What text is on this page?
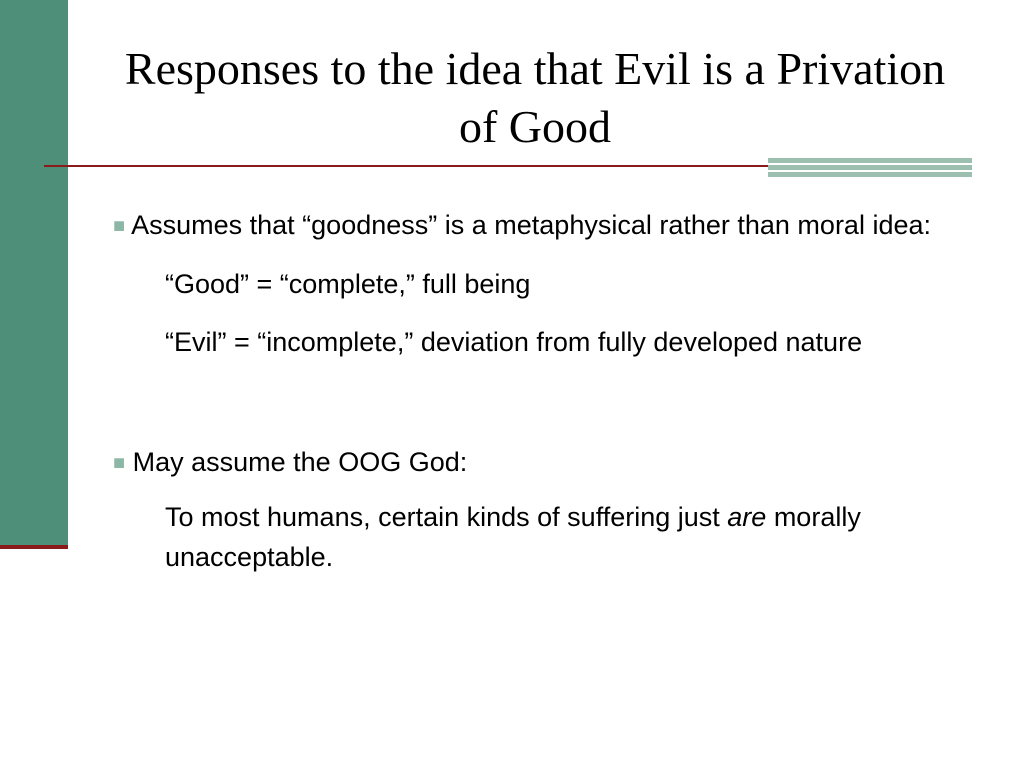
Responses to the idea that Evil is a Privation of Good

■ Assumes that “goodness” is a metaphysical rather than moral idea:

“Good” = “complete,” full being

“Evil” = “incomplete,” deviation from fully developed nature

■ May assume the OOG God:

To most humans, certain kinds of suffering just are morally unacceptable.
